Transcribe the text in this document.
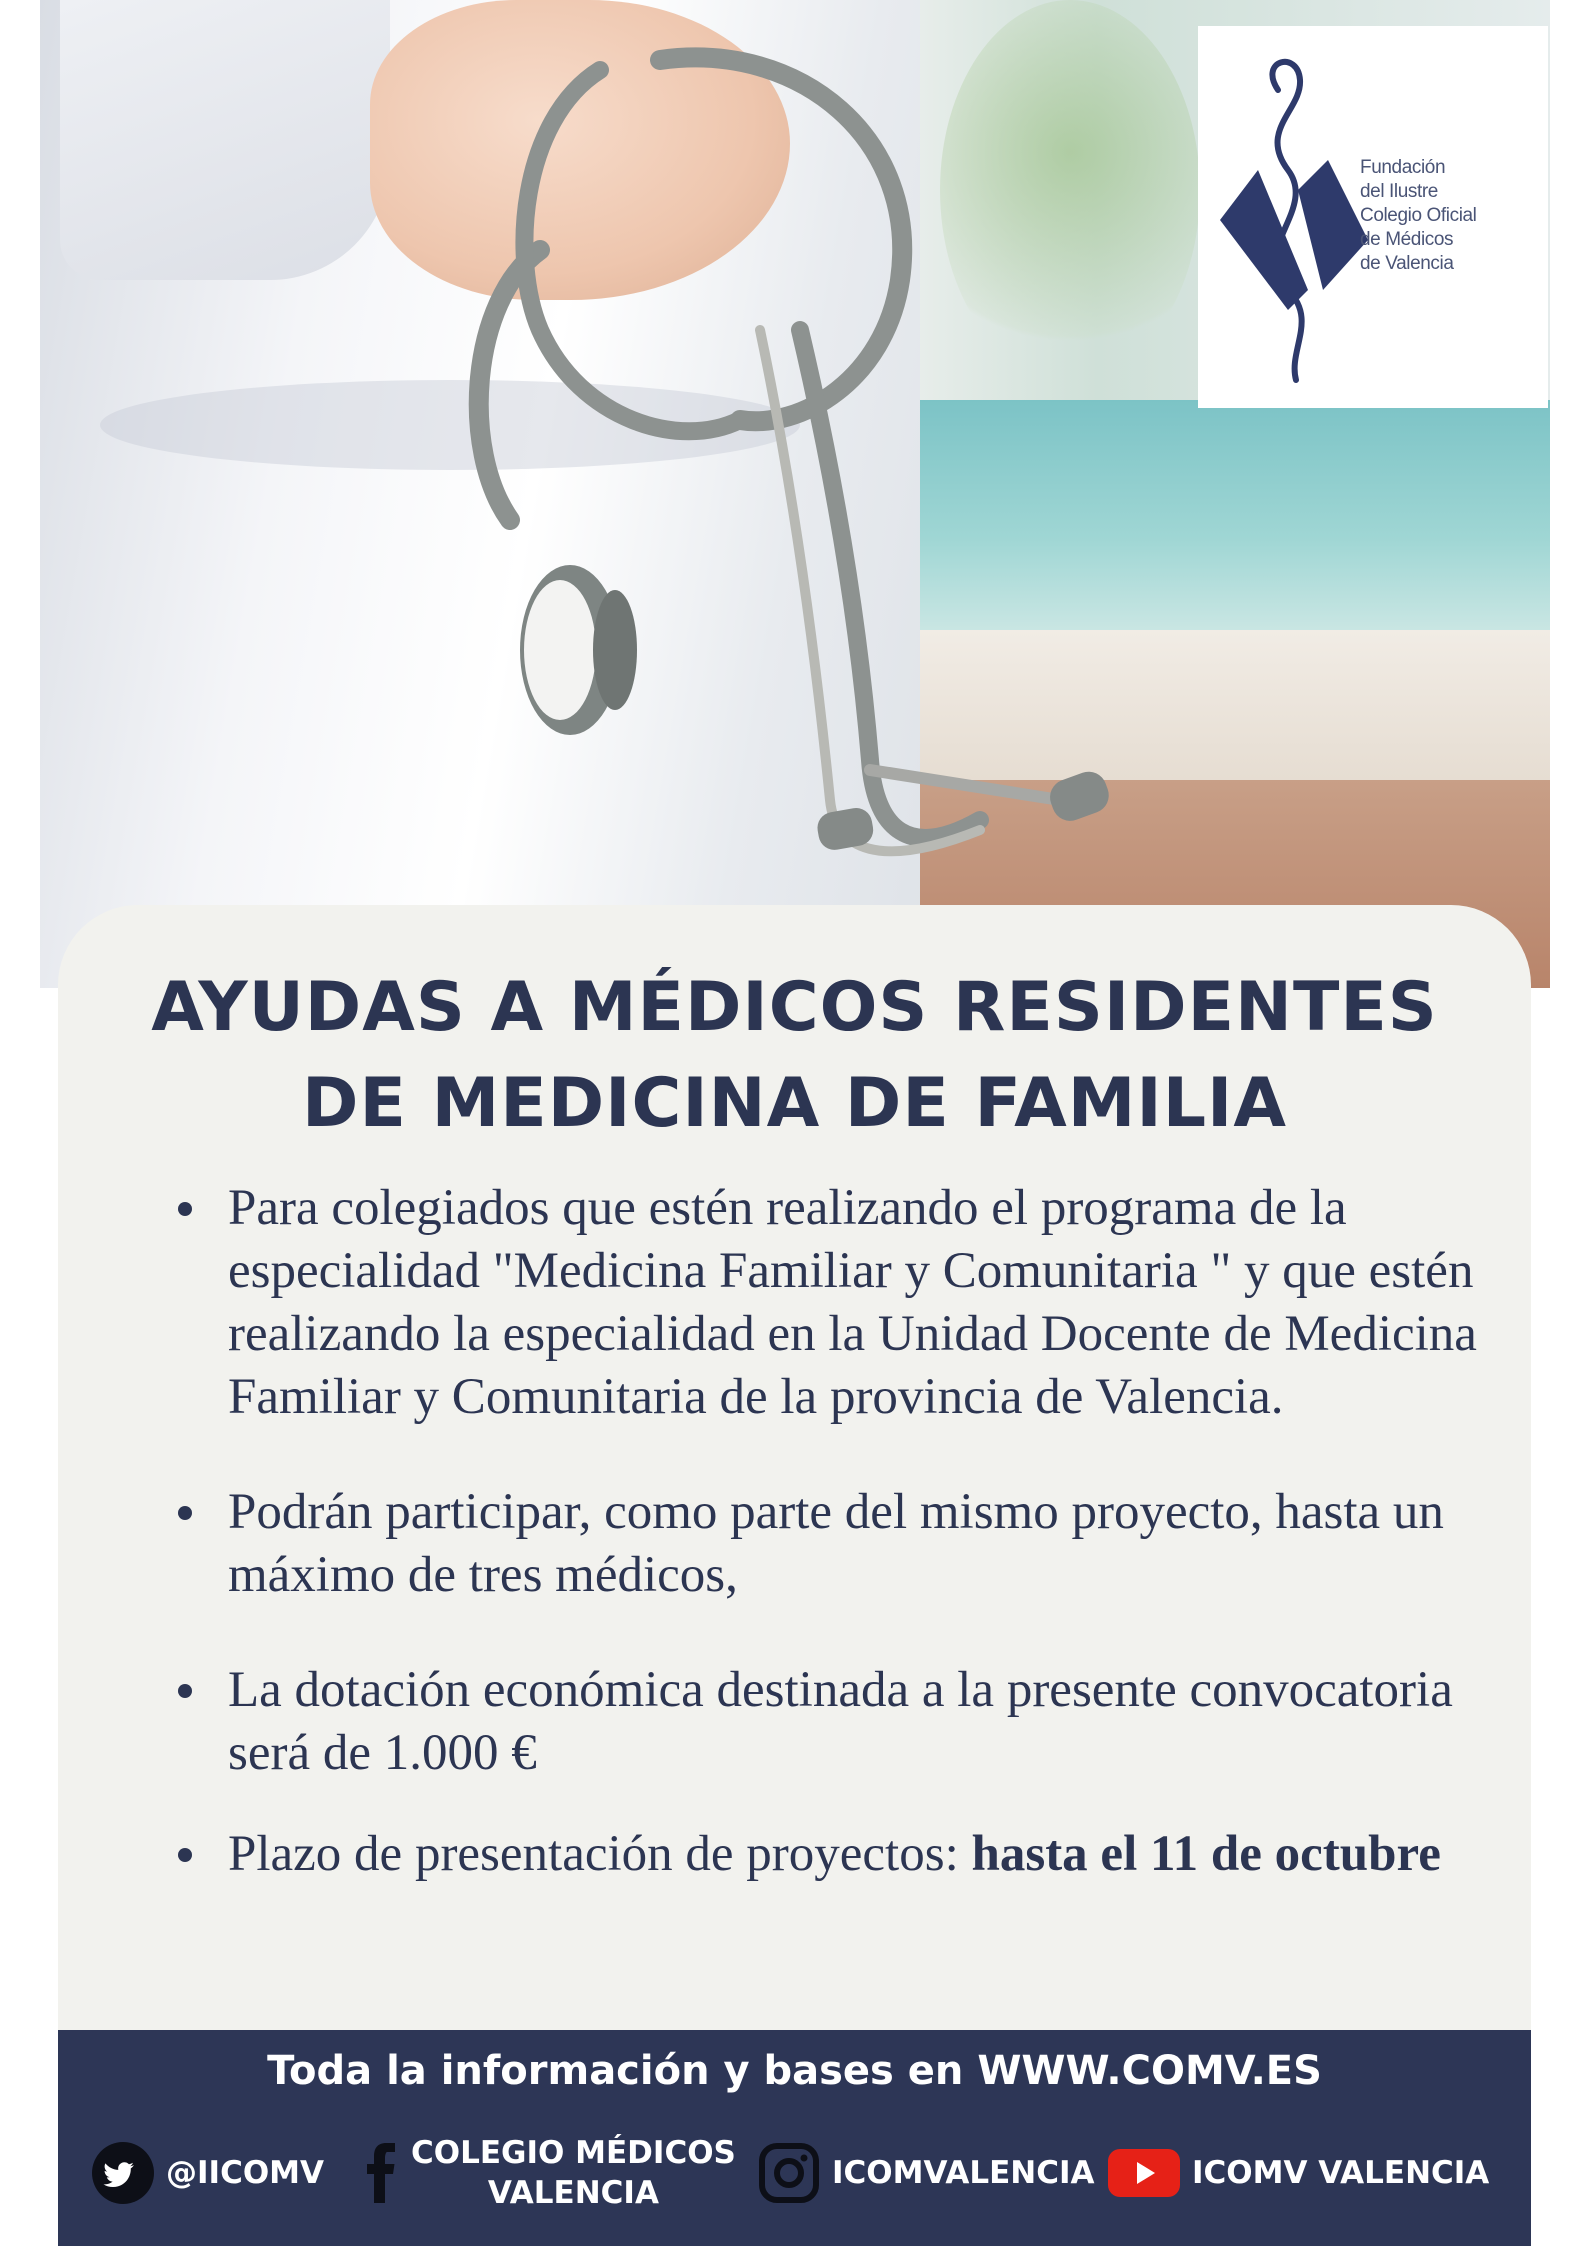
Fundación
del Ilustre
Colegio Oficial
de Médicos
de Valencia
AYUDAS A MÉDICOS RESIDENTES
DE MEDICINA DE FAMILIA
Para colegiados que estén realizando el programa de la especialidad "Medicina Familiar y Comunitaria " y que estén realizando la especialidad en la Unidad Docente de Medicina Familiar y Comunitaria de la provincia de Valencia.
Podrán participar, como parte del mismo proyecto, hasta un máximo de tres médicos,
La dotación económica destinada a la presente convocatoria será de 1.000 €
Plazo de presentación de proyectos: hasta el 11 de octubre
Toda la información y bases en WWW.COMV.ES
@IICOMV
COLEGIO MÉDICOS
VALENCIA
ICOMVALENCIA	ICOMV VALENCIA
